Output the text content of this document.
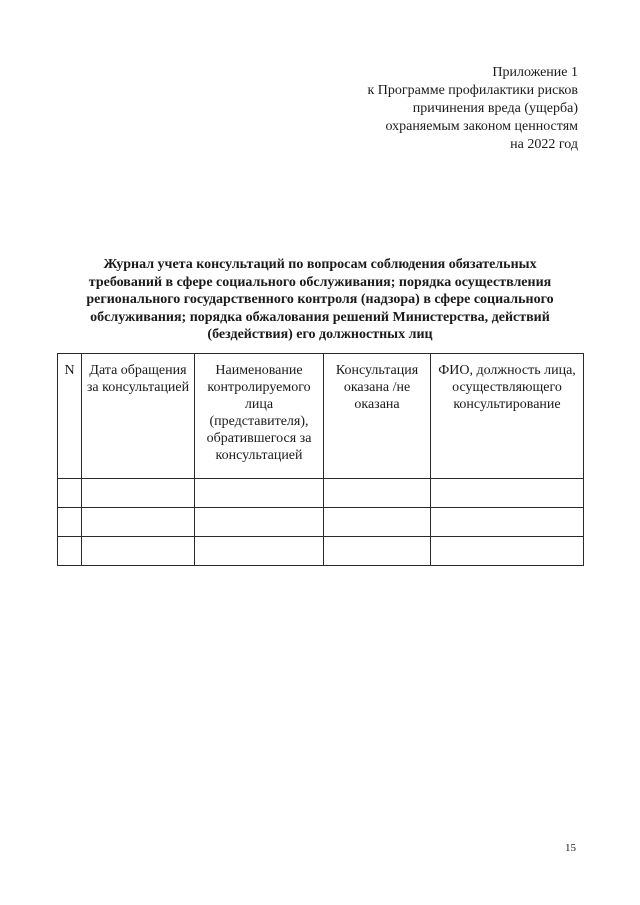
Приложение 1
к Программе профилактики рисков
причинения вреда (ущерба)
охраняемым законом ценностям
на 2022 год
Журнал учета консультаций по вопросам соблюдения обязательных
требований в сфере социального обслуживания; порядка осуществления
регионального государственного контроля (надзора) в сфере социального
обслуживания; порядка обжалования решений Министерства, действий
(бездействия) его должностных лиц
N	Дата обращения за консультацией	Наименование контролируемого лица (представителя), обратившегося за консультацией	Консультация оказана /не оказана	ФИО, должность лица, осуществляющего консультирование

15
